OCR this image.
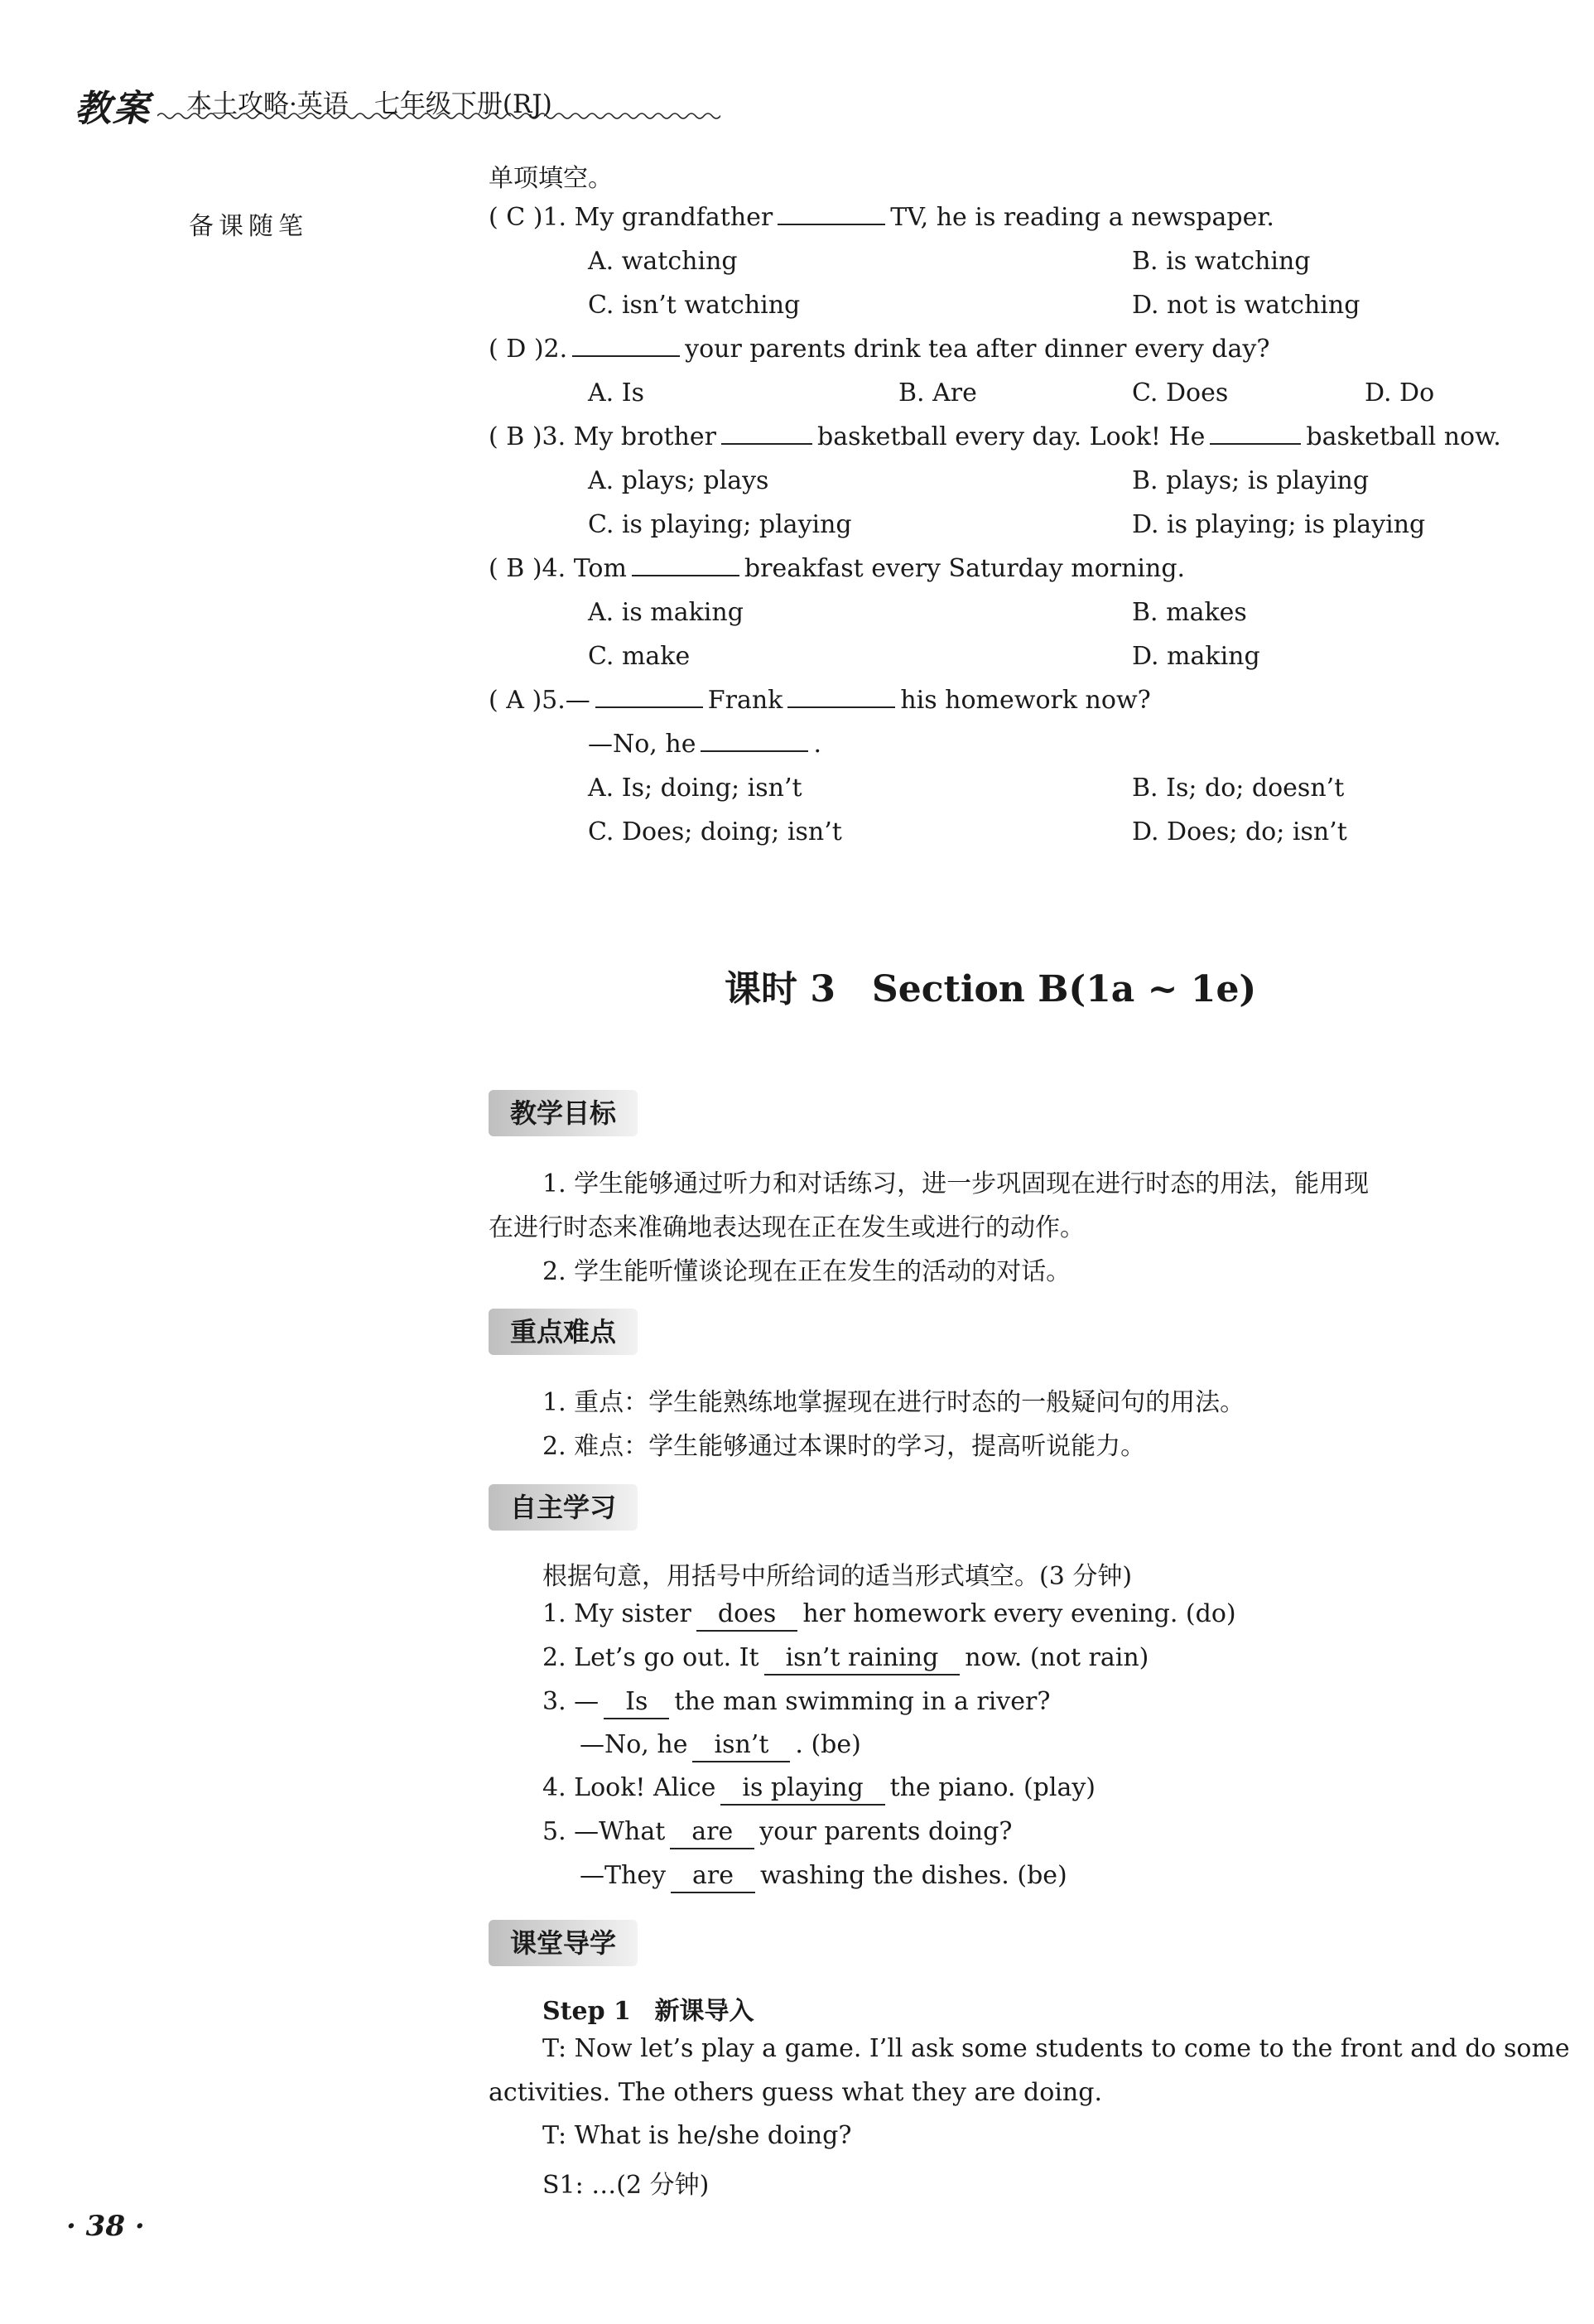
教案 本土攻略·英语　七年级下册(RJ)
备课随笔
单项填空。
( C )1. My grandfather	TV, he is reading a newspaper.
A. watching	B. is watching
C. isn’t watching	D. not is watching
( D )2.	your parents drink tea after dinner every day?
A. Is	B. Are	C. Does	D. Do
( B )3. My brother	basketball every day. Look! He	basketball now.
A. plays; plays	B. plays; is playing
C. is playing; playing	D. is playing; is playing
( B )4. Tom	breakfast every Saturday morning.
A. is making	B. makes
C. make	D. making
( A )5.—	Frank	his homework now?
—No, he	.
A. Is; doing; isn’t	B. Is; do; doesn’t
C. Does; doing; isn’t	D. Does; do; isn’t
课时 3　Section B(1a ~ 1e)
教学目标
1. 学生能够通过听力和对话练习，进一步巩固现在进行时态的用法，能用现
在进行时态来准确地表达现在正在发生或进行的动作。
2. 学生能听懂谈论现在正在发生的活动的对话。
重点难点
1. 重点：学生能熟练地掌握现在进行时态的一般疑问句的用法。
2. 难点：学生能够通过本课时的学习，提高听说能力。
自主学习
根据句意，用括号中所给词的适当形式填空。(3 分钟)
1. My sister does her homework every evening. (do)
2. Let’s go out. It isn’t raining now. (not rain)
3. — Is the man swimming in a river?
—No, he isn’t . (be)
4. Look! Alice is playing the piano. (play)
5. —What are your parents doing?
—They are washing the dishes. (be)
课堂导学
Step 1 新课导入
T: Now let’s play a game. I’ll ask some students to come to the front and do some
activities. The others guess what they are doing.
T: What is he/she doing?
S1: …(2 分钟)
· 38 ·
